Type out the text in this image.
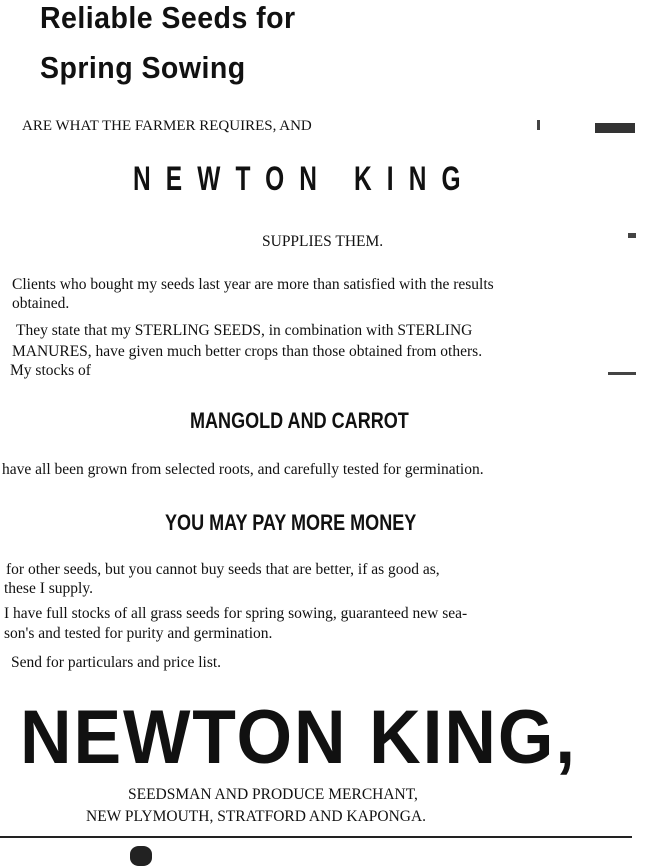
Reliable Seeds for
Spring Sowing
ARE WHAT THE FARMER REQUIRES, AND
NEWTON KING
SUPPLIES THEM.
Clients who bought my seeds last year are more than satisfied with the results
obtained.
They state that my STERLING SEEDS, in combination with STERLING
MANURES, have given much better crops than those obtained from others.
My stocks of
MANGOLD AND CARROT
have all been grown from selected roots, and carefully tested for germination.
YOU MAY PAY MORE MONEY
for other seeds, but you cannot buy seeds that are better, if as good as,
these I supply.
I have full stocks of all grass seeds for spring sowing, guaranteed new sea-
son's and tested for purity and germination.
Send for particulars and price list.
NEWTON KING,
SEEDSMAN AND PRODUCE MERCHANT,
NEW PLYMOUTH, STRATFORD AND KAPONGA.
